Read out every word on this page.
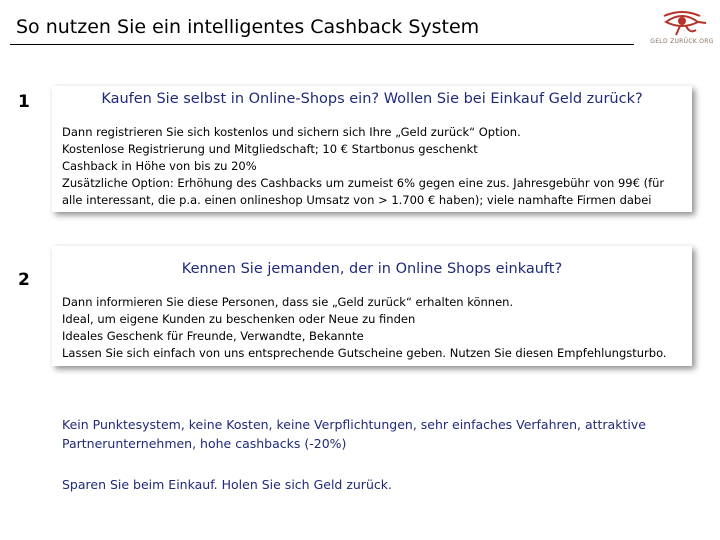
So nutzen Sie ein intelligentes Cashback System
GELD ZURÜCK.ORG
1	Kaufen Sie selbst in Online-Shops ein? Wollen Sie bei Einkauf Geld zurück?
Dann registrieren Sie sich kostenlos und sichern sich Ihre „Geld zurück“ Option.
Kostenlose Registrierung und Mitgliedschaft; 10 € Startbonus geschenkt
Cashback in Höhe von bis zu 20%
Zusätzliche Option: Erhöhung des Cashbacks um zumeist 6% gegen eine zus. Jahresgebühr von 99€ (für alle interessant, die p.a. einen onlineshop Umsatz von > 1.700 € haben); viele namhafte Firmen dabei
2
Kennen Sie jemanden, der in Online Shops einkauft?
Dann informieren Sie diese Personen, dass sie „Geld zurück“ erhalten können.
Ideal, um eigene Kunden zu beschenken oder Neue zu finden
Ideales Geschenk für Freunde, Verwandte, Bekannte
Lassen Sie sich einfach von uns entsprechende Gutscheine geben. Nutzen Sie diesen Empfehlungsturbo.

Kein Punktesystem, keine Kosten, keine Verpflichtungen, sehr einfaches Verfahren, attraktive Partnerunternehmen, hohe cashbacks (-20%)

Sparen Sie beim Einkauf. Holen Sie sich Geld zurück.
